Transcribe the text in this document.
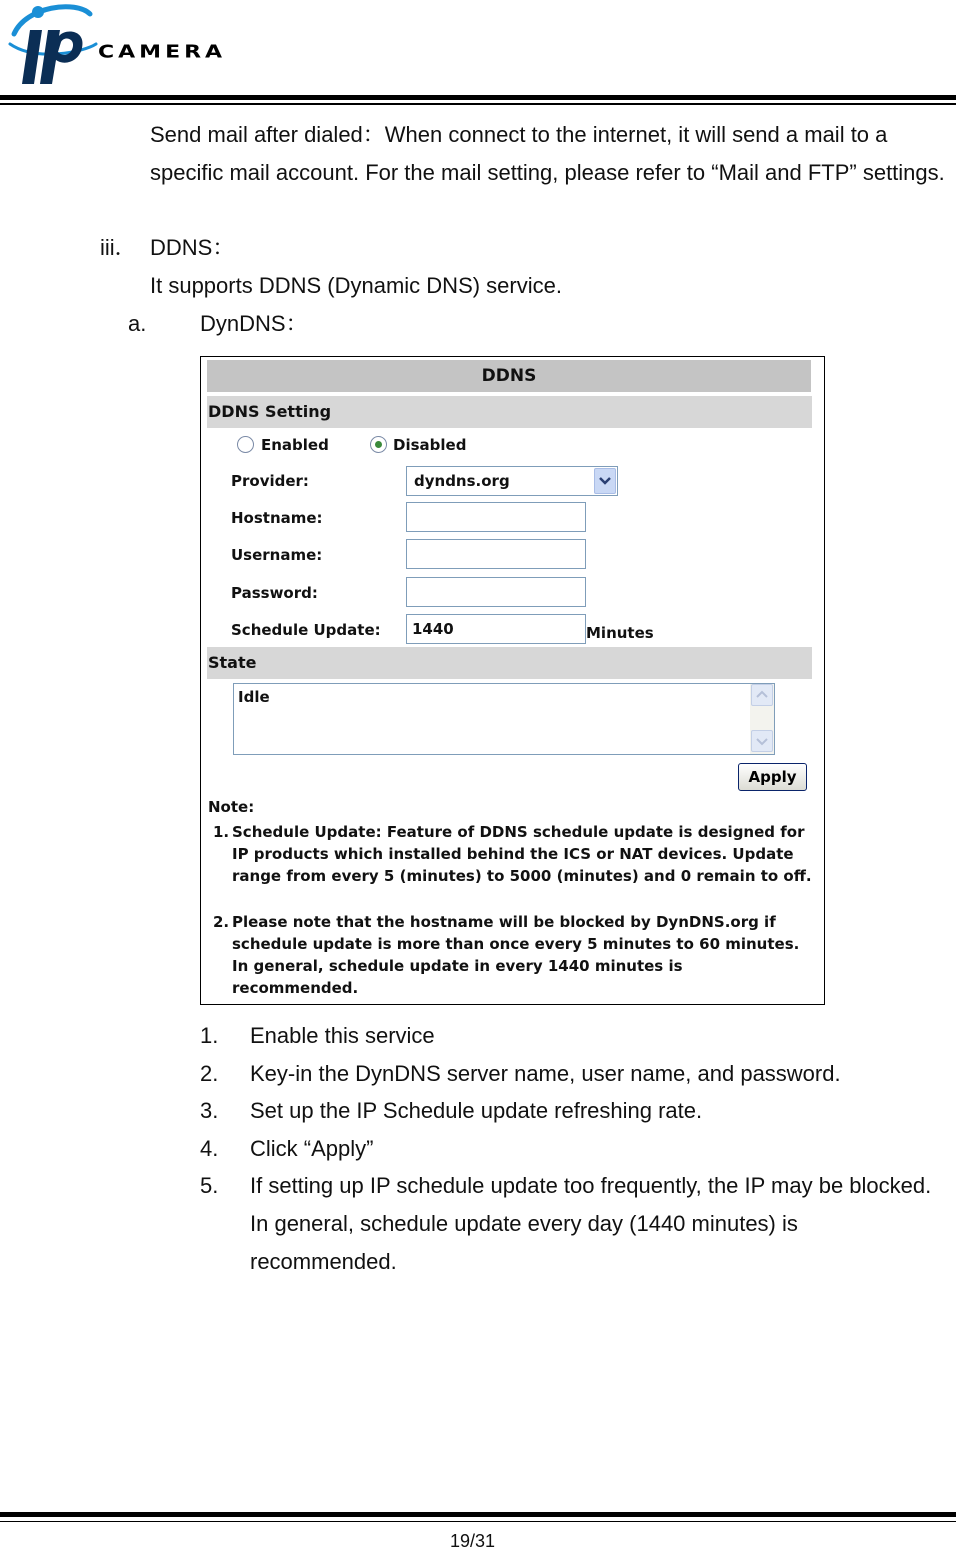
CAMERA
Send mail after dialed：When connect to the internet, it will send a mail to a specific mail account. For the mail setting, please refer to “Mail and FTP” settings.
iii． DDNS：
It supports DDNS (Dynamic DNS) service.
a. DynDNS：
DDNS
DDNS Setting
Enabled	Disabled
Provider:	dyndns.org
Hostname:
Username:
Password:
Schedule Update:	1440	Minutes
State
Idle
Apply
Note:
1. Schedule Update: Feature of DDNS schedule update is designed for IP products which installed behind the ICS or NAT devices. Update range from every 5 (minutes) to 5000 (minutes) and 0 remain to off.
2. Please note that the hostname will be blocked by DynDNS.org if schedule update is more than once every 5 minutes to 60 minutes. In general, schedule update in every 1440 minutes is recommended.
1. Enable this service
2. Key-in the DynDNS server name, user name, and password.
3. Set up the IP Schedule update refreshing rate.
4. Click “Apply”
5. If setting up IP schedule update too frequently, the IP may be blocked. In general, schedule update every day (1440 minutes) is recommended.
19/31
